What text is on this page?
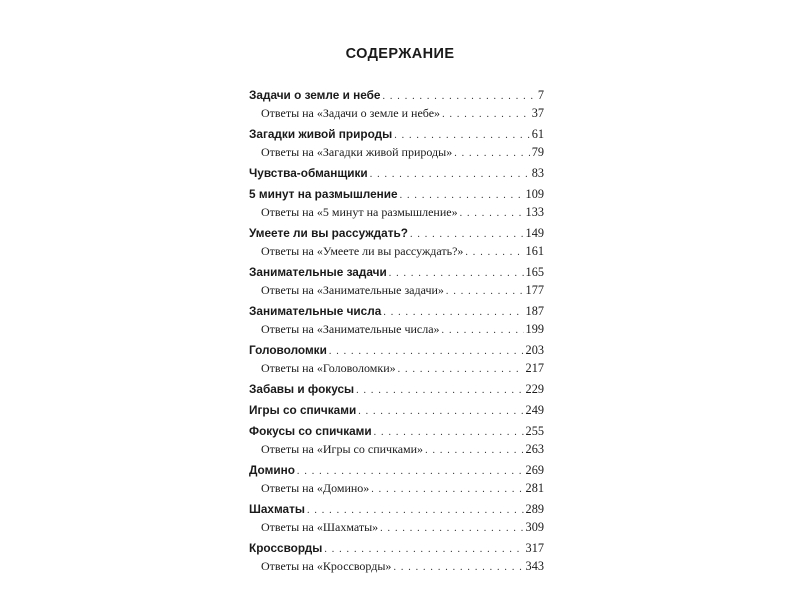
СОДЕРЖАНИЕ
Задачи о земле и небе . . .	7
Ответы на «Задачи о земле и небе» . . .	37
Загадки живой природы . . .	61
Ответы на «Загадки живой природы» . . .	79
Чувства-обманщики . . .	83
5 минут на размышление . . .	109
Ответы на «5 минут на размышление» . . .	133
Умеете ли вы рассуждать? . . .	149
Ответы на «Умеете ли вы рассуждать?» . . .	161
Занимательные задачи . . .	165
Ответы на «Занимательные задачи» . . .	177
Занимательные числа . . .	187
Ответы на «Занимательные числа» . . .	199
Головоломки . . .	203
Ответы на «Головоломки» . . .	217
Забавы и фокусы . . .	229
Игры со спичками . . .	249
Фокусы со спичками . . .	255
Ответы на «Игры со спичками» . . .	263
Домино . . .	269
Ответы на «Домино» . . .	281
Шахматы . . .	289
Ответы на «Шахматы» . . .	309
Кроссворды . . .	317
Ответы на «Кроссворды» . . .	343
